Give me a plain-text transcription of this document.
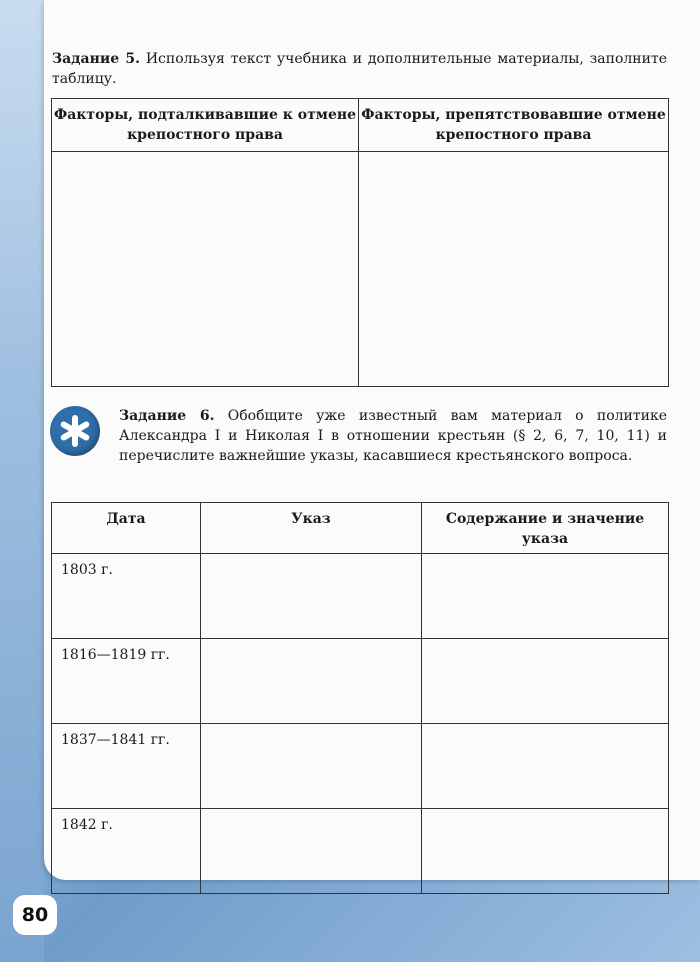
Задание 5. Используя текст учебника и дополнительные материалы, заполните таблицу.
Факторы, подталкивавшие к отмене крепостного права	Факторы, препятствовавшие отмене крепостного права

Задание 6. Обобщите уже известный вам материал о политике Александра I и Николая I в отношении крестьян (§ 2, 6, 7, 10, 11) и перечислите важнейшие указы, касавшиеся крестьянского вопроса.
Дата	Указ	Содержание и значение указа
1803 г.		
1816—1819 гг.		
1837—1841 гг.		
1842 г.		
80
